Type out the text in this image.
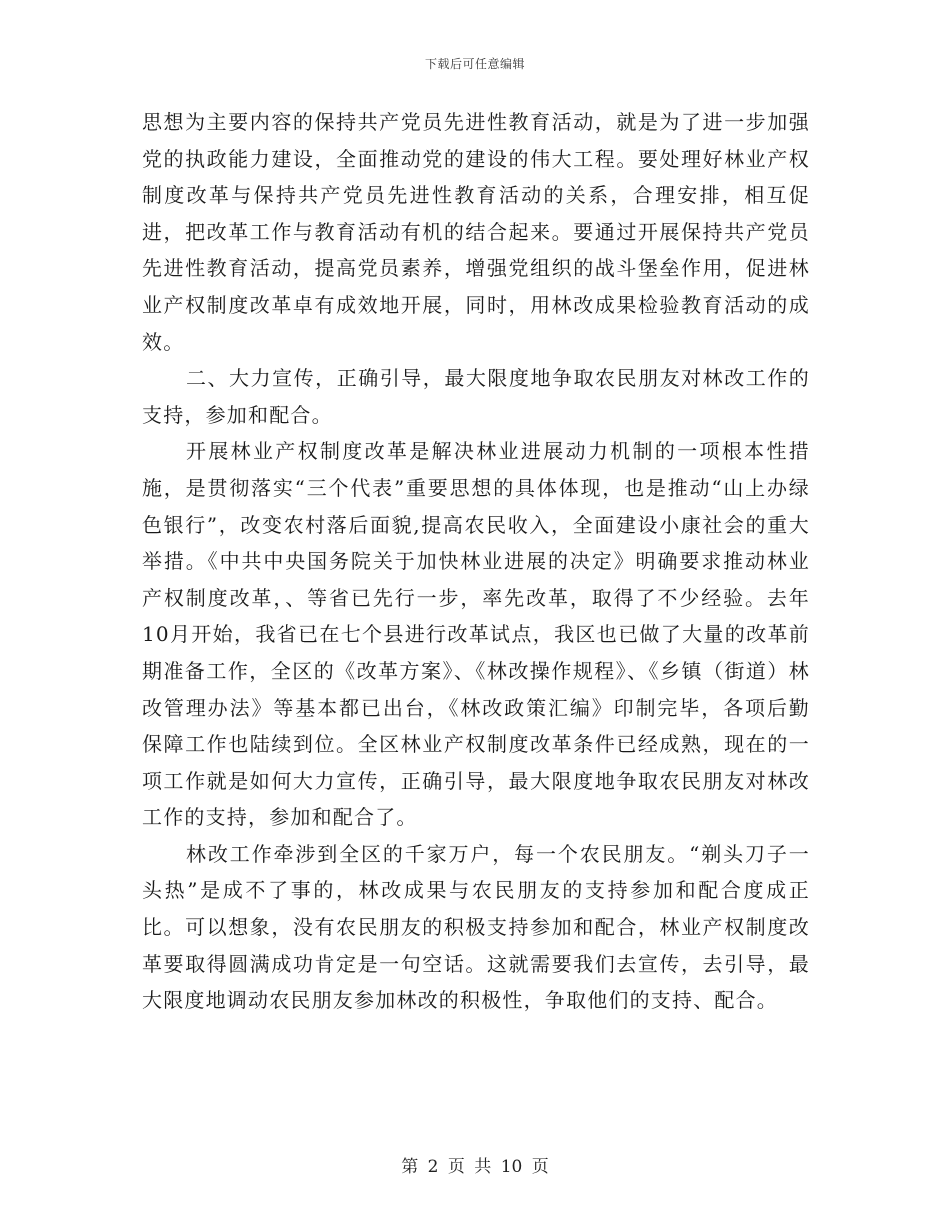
下载后可任意编辑

思想为主要内容的保持共产党员先进性教育活动，就是为了进一步加强党的执政能力建设，全面推动党的建设的伟大工程。要处理好林业产权制度改革与保持共产党员先进性教育活动的关系，合理安排，相互促进，把改革工作与教育活动有机的结合起来。要通过开展保持共产党员先进性教育活动，提高党员素养，增强党组织的战斗堡垒作用，促进林业产权制度改革卓有成效地开展，同时，用林改成果检验教育活动的成效。

二、大力宣传，正确引导，最大限度地争取农民朋友对林改工作的支持，参加和配合。

开展林业产权制度改革是解决林业进展动力机制的一项根本性措施，是贯彻落实“三个代表”重要思想的具体体现，也是推动“山上办绿色银行”，改变农村落后面貌,提高农民收入，全面建设小康社会的重大举措。《中共中央国务院关于加快林业进展的决定》明确要求推动林业产权制度改革，、等省已先行一步，率先改革，取得了不少经验。去年10月开始，我省已在七个县进行改革试点，我区也已做了大量的改革前期准备工作，全区的《改革方案》、《林改操作规程》、《乡镇（街道）林改管理办法》等基本都已出台，《林改政策汇编》印制完毕，各项后勤保障工作也陆续到位。全区林业产权制度改革条件已经成熟，现在的一项工作就是如何大力宣传，正确引导，最大限度地争取农民朋友对林改工作的支持，参加和配合了。

林改工作牵涉到全区的千家万户，每一个农民朋友。“剃头刀子一头热”是成不了事的，林改成果与农民朋友的支持参加和配合度成正比。可以想象，没有农民朋友的积极支持参加和配合，林业产权制度改革要取得圆满成功肯定是一句空话。这就需要我们去宣传，去引导，最大限度地调动农民朋友参加林改的积极性，争取他们的支持、配合。

第 2 页 共 10 页
